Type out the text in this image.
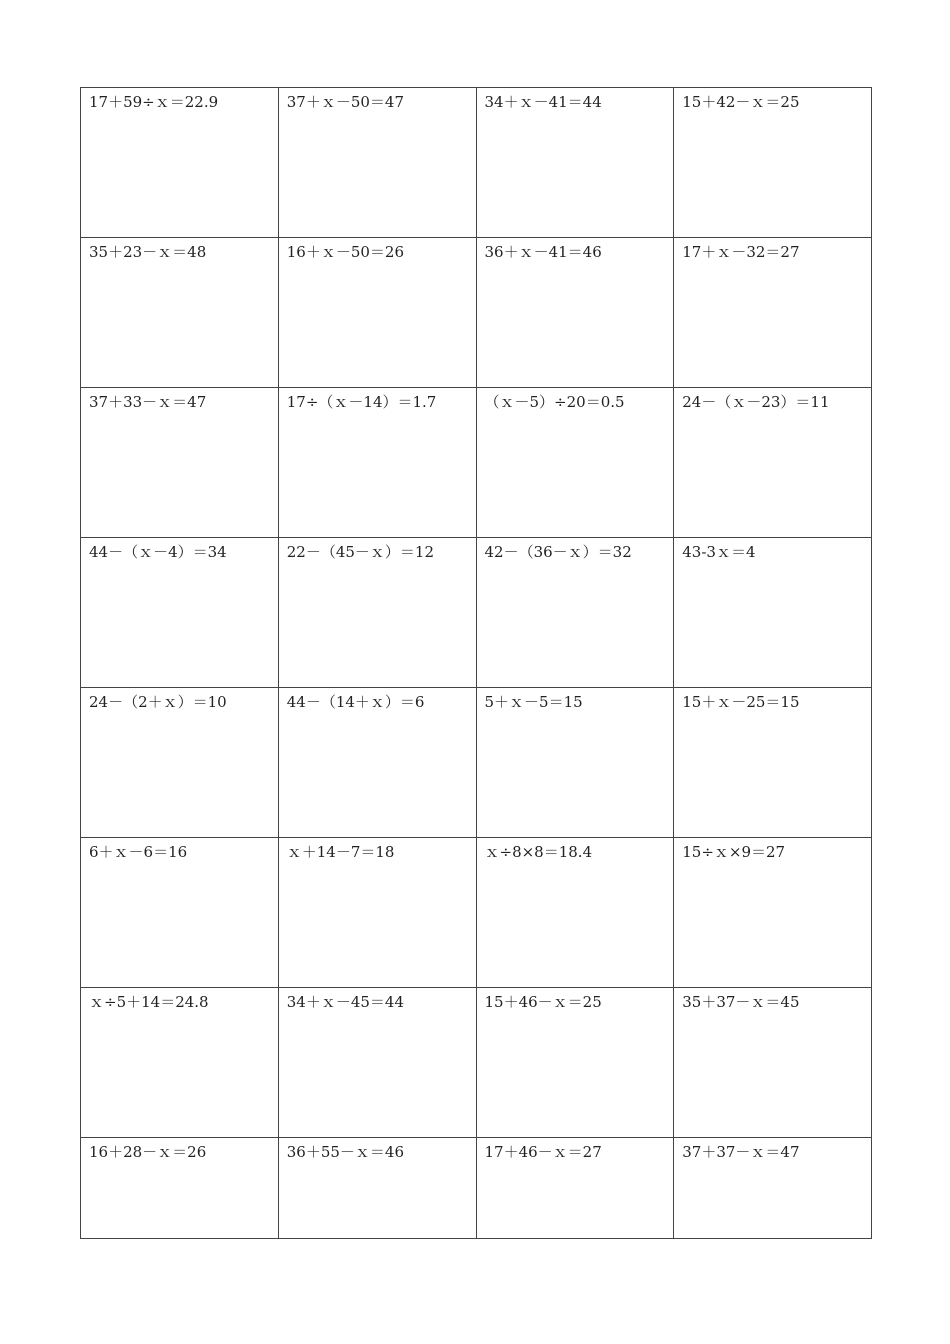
17＋59÷ｘ＝22.9	37＋ｘ－50＝47	34＋ｘ－41＝44	15＋42－ｘ＝25
35＋23－ｘ＝48	16＋ｘ－50＝26	36＋ｘ－41＝46	17＋ｘ－32＝27
37＋33－ｘ＝47	17÷（ｘ－14）＝1.7	（ｘ－5）÷20＝0.5	24－（ｘ－23）＝11
44－（ｘ－4）＝34	22－（45－ｘ）＝12	42－（36－ｘ）＝32	43-3ｘ＝4
24－（2＋ｘ）＝10	44－（14＋ｘ）＝6	5＋ｘ－5＝15	15＋ｘ－25＝15
6＋ｘ－6＝16	ｘ＋14－7＝18	ｘ÷8×8＝18.4	15÷ｘ×9＝27
ｘ÷5＋14＝24.8	34＋ｘ－45＝44	15＋46－ｘ＝25	35＋37－ｘ＝45
16＋28－ｘ＝26	36＋55－ｘ＝46	17＋46－ｘ＝27	37＋37－ｘ＝47
